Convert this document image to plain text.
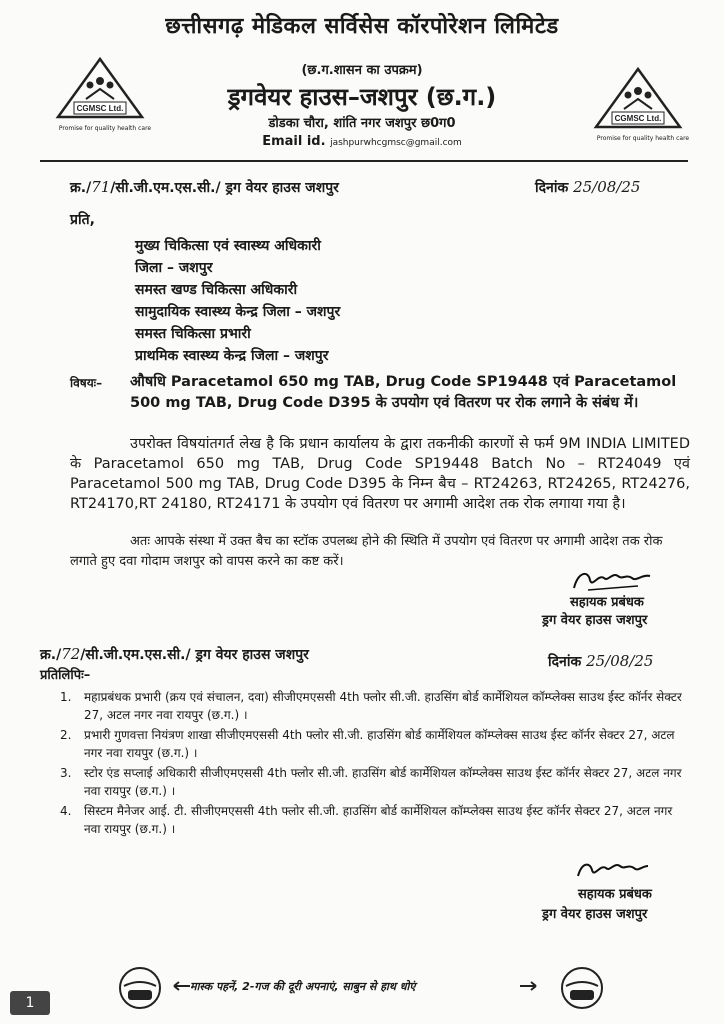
CGMSC Ltd.
Promise for quality health care
CGMSC Ltd.
Promise for quality health care
छत्तीसगढ़ मेडिकल सर्विसेस कॉरपोरेशन लिमिटेड
(छ.ग.शासन का उपक्रम)
ड्रगवेयर हाउस–जशपुर (छ.ग.)
डोडका चौरा, शांति नगर जशपुर छ0ग0
Email id. jashpurwhcgmsc@gmail.com
क्र./71/सी.जी.एम.एस.सी./ ड्रग वेयर हाउस जशपुर	दिनांक 25/08/25
प्रति,
मुख्य चिकित्सा एवं स्वास्थ्य अधिकारी
जिला – जशपुर
समस्त खण्ड चिकित्सा अधिकारी
सामुदायिक स्वास्थ्य केन्द्र जिला – जशपुर
समस्त चिकित्सा प्रभारी
प्राथमिक स्वास्थ्य केन्द्र जिला – जशपुर
विषयः– औषधि Paracetamol 650 mg TAB, Drug Code SP19448 एवं Paracetamol 500 mg TAB, Drug Code D395 के उपयोग एवं वितरण पर रोक लगाने के संबंध में।
उपरोक्त विषयांतगर्त लेख है कि प्रधान कार्यालय के द्वारा तकनीकी कारणों से फर्म 9M INDIA LIMITED के Paracetamol 650 mg TAB, Drug Code SP19448 Batch No – RT24049 एवं Paracetamol 500 mg TAB, Drug Code D395 के निम्न बैच – RT24263, RT24265, RT24276, RT24170,RT 24180, RT24171 के उपयोग एवं वितरण पर अगामी आदेश तक रोक लगाया गया है।
अतः आपके संस्था में उक्त बैच का स्टॉक उपलब्ध होने की स्थिति में उपयोग एवं वितरण पर अगामी आदेश तक रोक लगाते हुए दवा गोदाम जशपुर को वापस करने का कष्ट करें।
सहायक प्रबंधक
ड्रग वेयर हाउस जशपुर
क्र./72/सी.जी.एम.एस.सी./ ड्रग वेयर हाउस जशपुर	दिनांक 25/08/25
प्रतिलिपिः–
1. महाप्रबंधक प्रभारी (क्रय एवं संचालन, दवा) सीजीएमएससी 4th फ्लोर सी.जी. हाउसिंग बोर्ड कार्मेशियल कॉम्प्लेक्स साउथ ईस्ट कॉर्नर सेक्टर 27, अटल नगर नवा रायपुर (छ.ग.) ।
2. प्रभारी गुणवत्ता नियंत्रण शाखा सीजीएमएससी 4th फ्लोर सी.जी. हाउसिंग बोर्ड कार्मेशियल कॉम्प्लेक्स साउथ ईस्ट कॉर्नर सेक्टर 27, अटल नगर नवा रायपुर (छ.ग.) ।
3. स्टोर एंड सप्लाई अधिकारी सीजीएमएससी 4th फ्लोर सी.जी. हाउसिंग बोर्ड कार्मेशियल कॉम्प्लेक्स साउथ ईस्ट कॉर्नर सेक्टर 27, अटल नगर नवा रायपुर (छ.ग.) ।
4. सिस्टम मैनेजर आई. टी. सीजीएमएससी 4th फ्लोर सी.जी. हाउसिंग बोर्ड कार्मेशियल कॉम्प्लेक्स साउथ ईस्ट कॉर्नर सेक्टर 27, अटल नगर नवा रायपुर (छ.ग.) ।
सहायक प्रबंधक
ड्रग वेयर हाउस जशपुर
मास्क पहनें, 2-गज की दूरी अपनाएं, साबुन से हाथ धोएं
1
